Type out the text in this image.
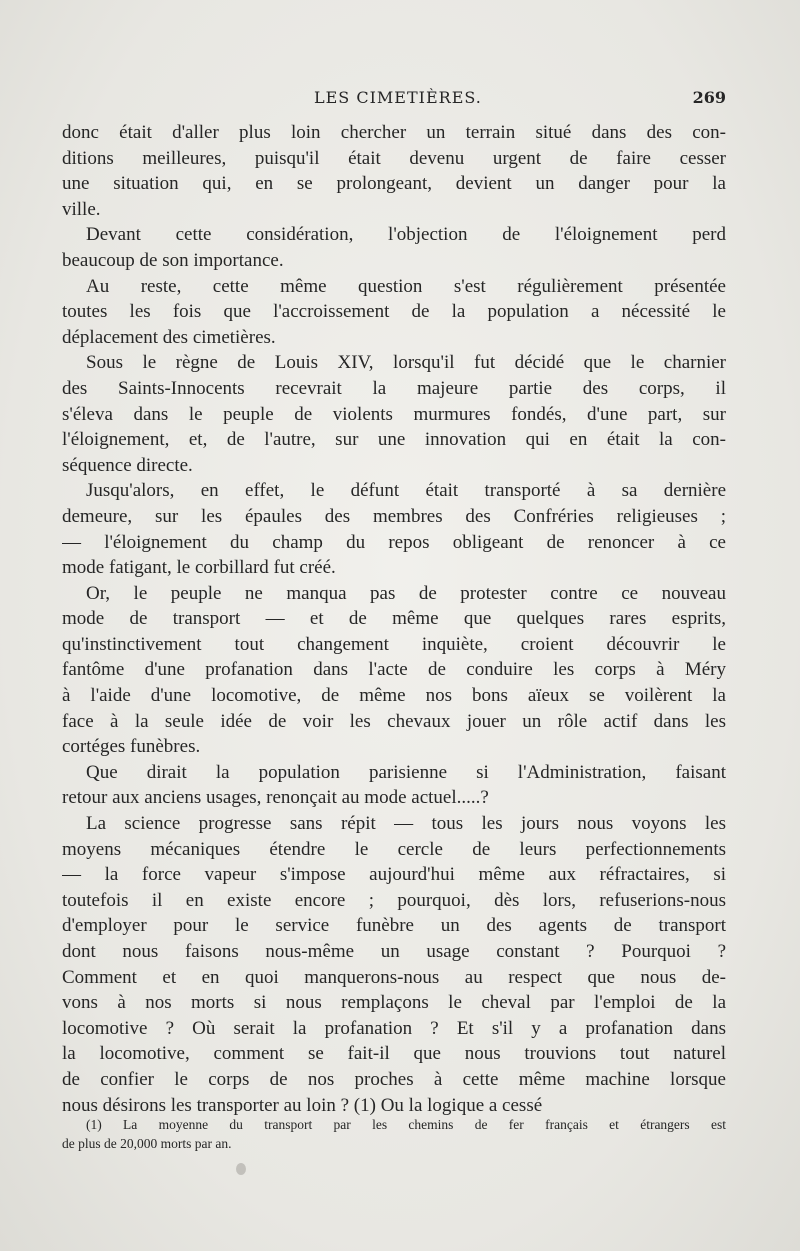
LES CIMETIÈRES.	269
donc était d'aller plus loin chercher un terrain situé dans des con-
ditions meilleures, puisqu'il était devenu urgent de faire cesser
une situation qui, en se prolongeant, devient un danger pour la
ville.
Devant cette considération, l'objection de l'éloignement perd
beaucoup de son importance.
Au reste, cette même question s'est régulièrement présentée
toutes les fois que l'accroissement de la population a nécessité le
déplacement des cimetières.
Sous le règne de Louis XIV, lorsqu'il fut décidé que le charnier
des Saints-Innocents recevrait la majeure partie des corps, il
s'éleva dans le peuple de violents murmures fondés, d'une part, sur
l'éloignement, et, de l'autre, sur une innovation qui en était la con-
séquence directe.
Jusqu'alors, en effet, le défunt était transporté à sa dernière
demeure, sur les épaules des membres des Confréries religieuses ;
— l'éloignement du champ du repos obligeant de renoncer à ce
mode fatigant, le corbillard fut créé.
Or, le peuple ne manqua pas de protester contre ce nouveau
mode de transport — et de même que quelques rares esprits,
qu'instinctivement tout changement inquiète, croient découvrir le
fantôme d'une profanation dans l'acte de conduire les corps à Méry
à l'aide d'une locomotive, de même nos bons aïeux se voilèrent la
face à la seule idée de voir les chevaux jouer un rôle actif dans les
cortéges funèbres.
Que dirait la population parisienne si l'Administration, faisant
retour aux anciens usages, renonçait au mode actuel.....?
La science progresse sans répit — tous les jours nous voyons les
moyens mécaniques étendre le cercle de leurs perfectionnements
— la force vapeur s'impose aujourd'hui même aux réfractaires, si
toutefois il en existe encore ; pourquoi, dès lors, refuserions-nous
d'employer pour le service funèbre un des agents de transport
dont nous faisons nous-même un usage constant ? Pourquoi ?
Comment et en quoi manquerons-nous au respect que nous de-
vons à nos morts si nous remplaçons le cheval par l'emploi de la
locomotive ? Où serait la profanation ? Et s'il y a profanation dans
la locomotive, comment se fait-il que nous trouvions tout naturel
de confier le corps de nos proches à cette même machine lorsque
nous désirons les transporter au loin ? (1) Ou la logique a cessé
(1) La moyenne du transport par les chemins de fer français et étrangers est
de plus de 20,000 morts par an.
